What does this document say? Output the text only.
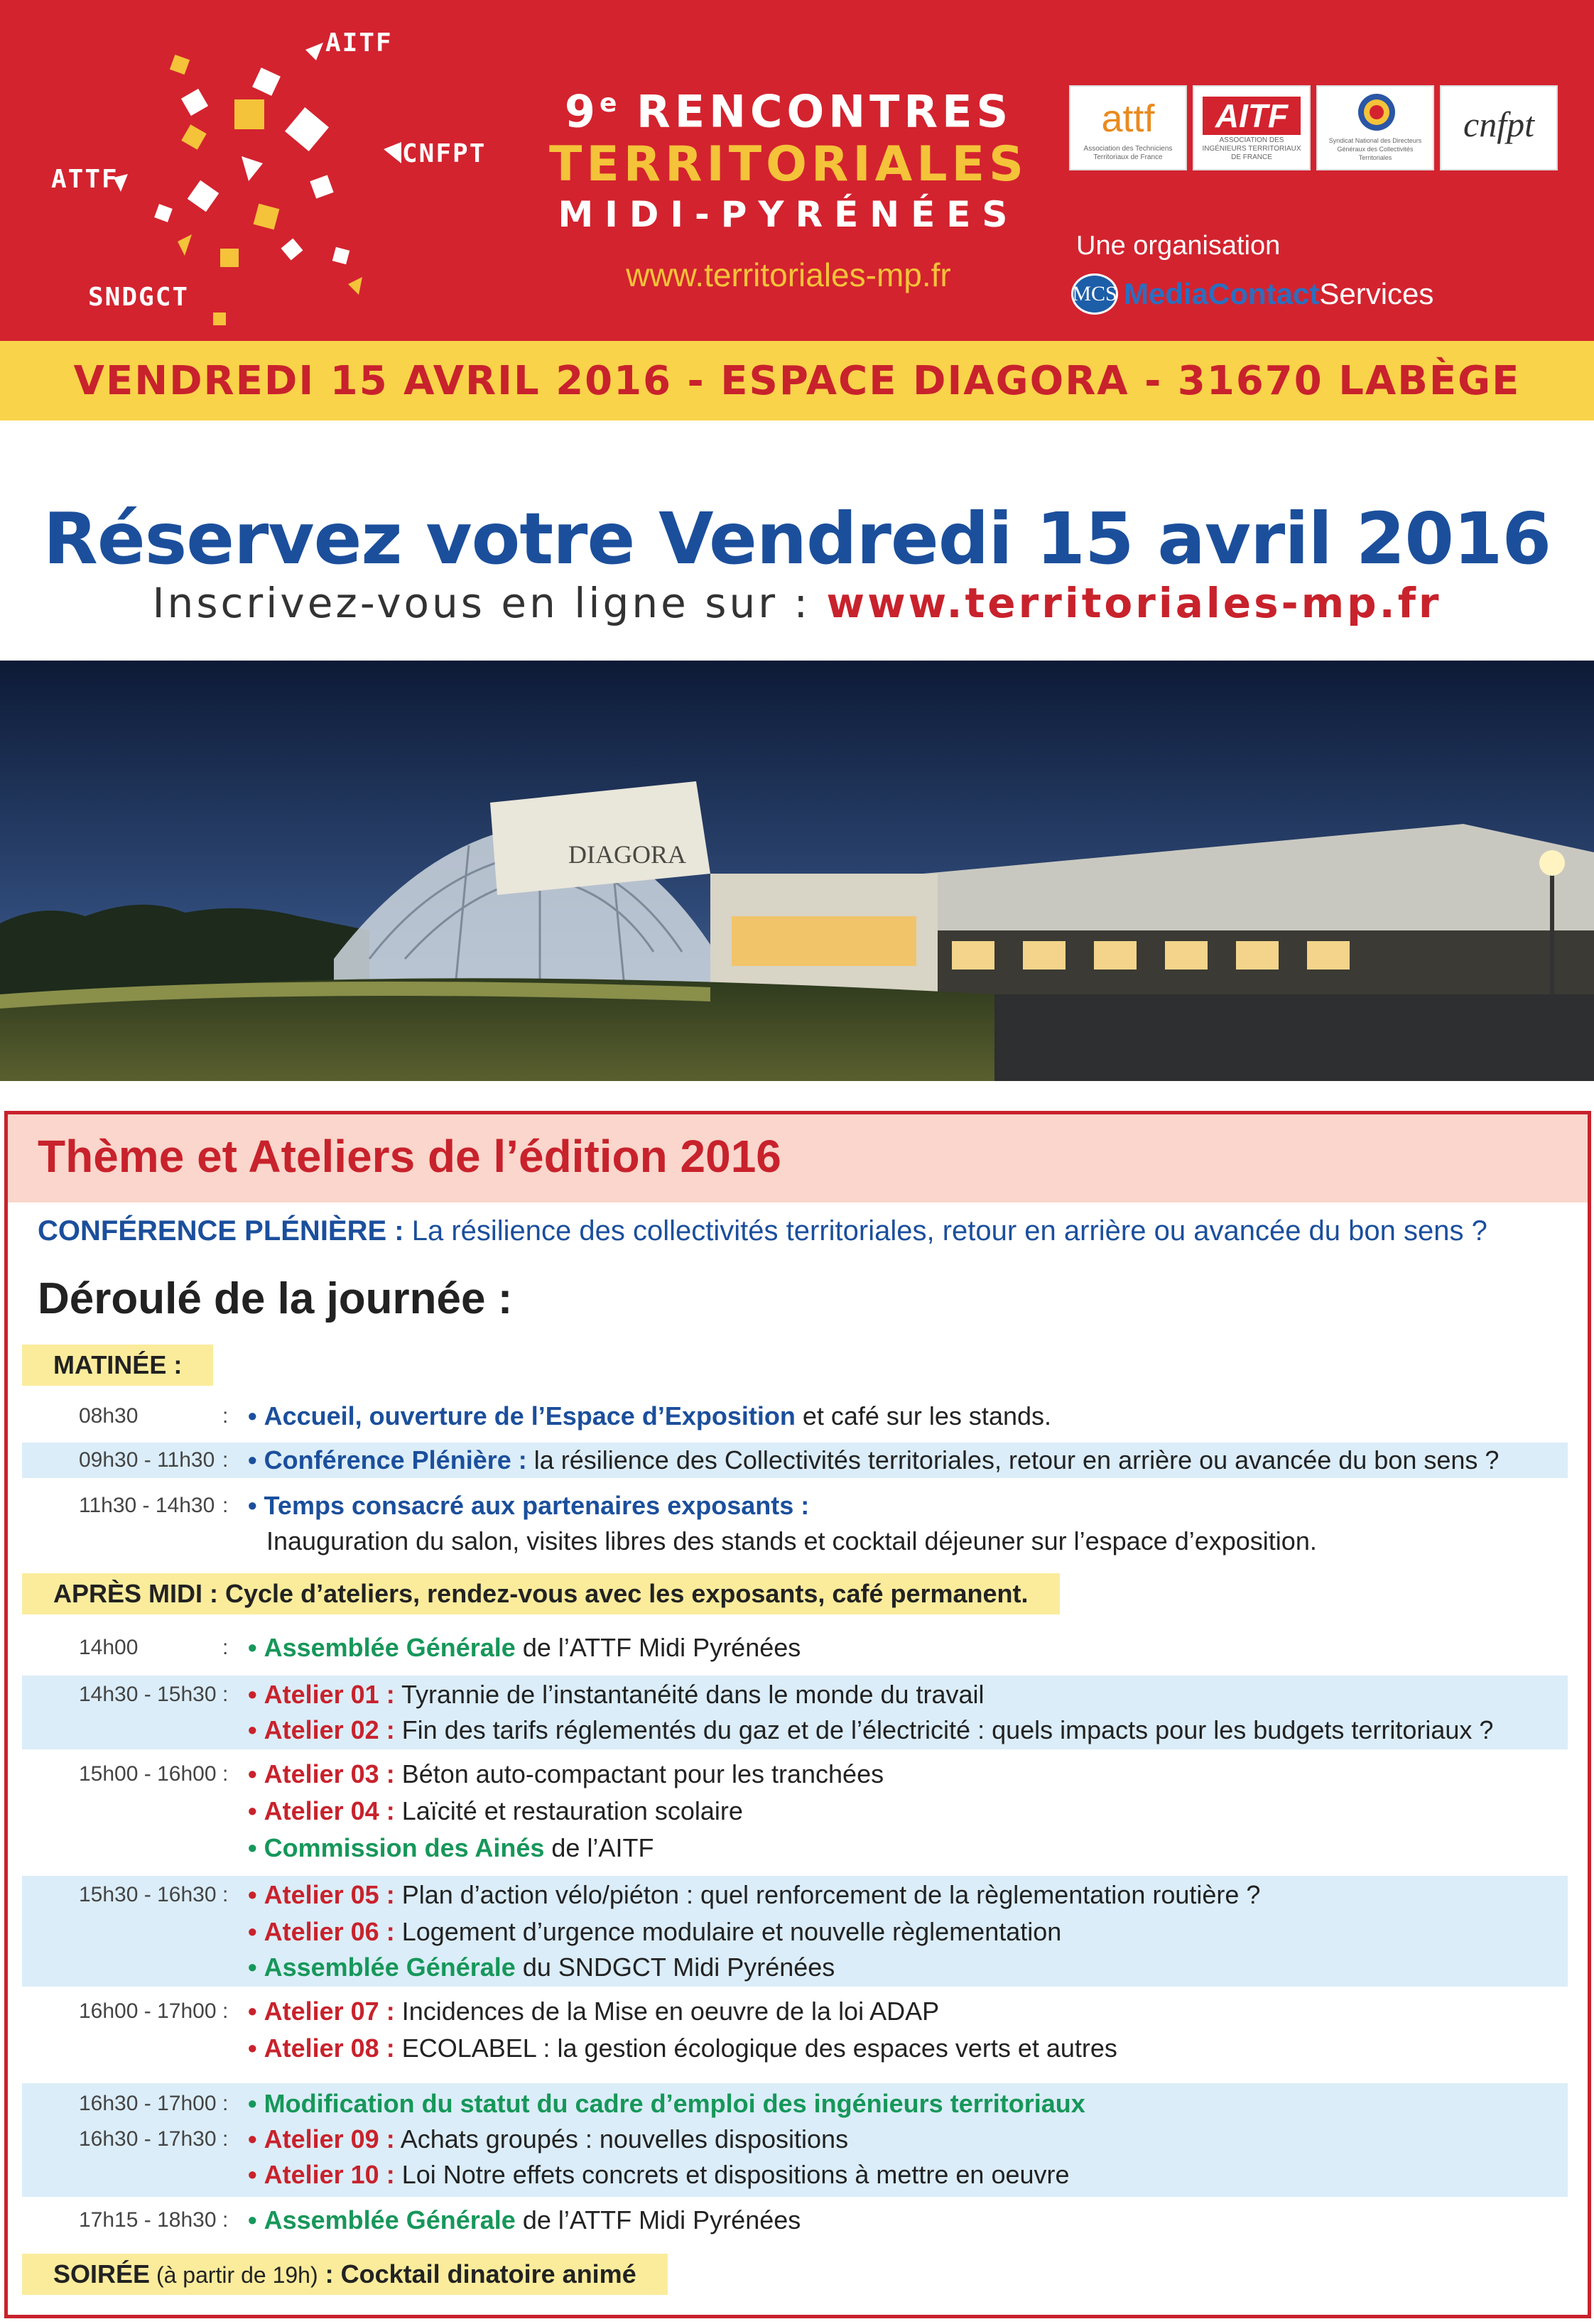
AITF
ATTF
CNFPT
SNDGCT
9e RENCONTRES
TERRITORIALES
MIDI-PYRÉNÉES
www.territoriales-mp.fr
attf
Association des Techniciens Territoriaux de France
AITF
ASSOCIATION DES INGÉNIEURS TERRITORIAUX DE FRANCE
Syndicat National des Directeurs Généraux des Collectivités Territoriales
cnfpt
Une organisation
MCS MediaContactServices
VENDREDI 15 AVRIL 2016 - ESPACE DIAGORA - 31670 LABÈGE
Réservez votre Vendredi 15 avril 2016
Inscrivez-vous en ligne sur : www.territoriales-mp.fr
DIAGORA
Thème et Ateliers de l’édition 2016
CONFÉRENCE PLÉNIÈRE : La résilience des collectivités territoriales, retour en arrière ou avancée du bon sens ?
Déroulé de la journée :
MATINÉE :
08h30	: • Accueil, ouverture de l’Espace d’Exposition et café sur les stands.
09h30 - 11h30 : • Conférence Plénière : la résilience des Collectivités territoriales, retour en arrière ou avancée du bon sens ?
11h30 - 14h30 : • Temps consacré aux partenaires exposants :
Inauguration du salon, visites libres des stands et cocktail déjeuner sur l’espace d’exposition.
APRÈS MIDI : Cycle d’ateliers, rendez-vous avec les exposants, café permanent.
14h00	: • Assemblée Générale de l’ATTF Midi Pyrénées
14h30 - 15h30 : • Atelier 01 : Tyrannie de l’instantanéité dans le monde du travail
• Atelier 02 : Fin des tarifs réglementés du gaz et de l’électricité : quels impacts pour les budgets territoriaux ?
15h00 - 16h00 : • Atelier 03 : Béton auto-compactant pour les tranchées
• Atelier 04 : Laïcité et restauration scolaire
• Commission des Ainés de l’AITF
15h30 - 16h30 : • Atelier 05 : Plan d’action vélo/piéton : quel renforcement de la règlementation routière ?
• Atelier 06 : Logement d’urgence modulaire et nouvelle règlementation
• Assemblée Générale du SNDGCT Midi Pyrénées
16h00 - 17h00 : • Atelier 07 : Incidences de la Mise en oeuvre de la loi ADAP
• Atelier 08 : ECOLABEL : la gestion écologique des espaces verts et autres
16h30 - 17h00 : • Modification du statut du cadre d’emploi des ingénieurs territoriaux
16h30 - 17h30 : • Atelier 09 : Achats groupés : nouvelles dispositions
• Atelier 10 : Loi Notre effets concrets et dispositions à mettre en oeuvre
17h15 - 18h30 : • Assemblée Générale de l’ATTF Midi Pyrénées
SOIRÉE (à partir de 19h) : Cocktail dinatoire animé
